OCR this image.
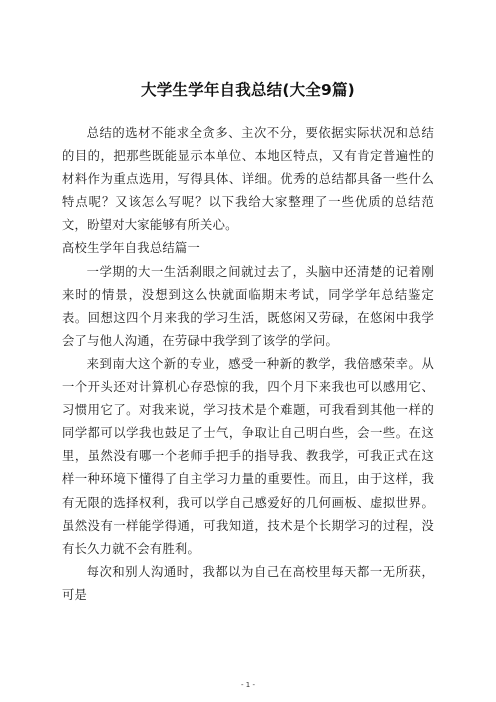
大学生学年自我总结(大全9篇)

总结的选材不能求全贪多、主次不分，要依据实际状况和总结的目的，把那些既能显示本单位、本地区特点，又有肯定普遍性的材料作为重点选用，写得具体、详细。优秀的总结都具备一些什么特点呢？又该怎么写呢？以下我给大家整理了一些优质的总结范文，盼望对大家能够有所关心。

高校生学年自我总结篇一

一学期的大一生活刹眼之间就过去了，头脑中还清楚的记着刚来时的情景，没想到这么快就面临期末考试，同学学年总结鉴定表。回想这四个月来我的学习生活，既悠闲又劳碌，在悠闲中我学会了与他人沟通，在劳碌中我学到了该学的学问。

来到南大这个新的专业，感受一种新的教学，我倍感荣幸。从一个开头还对计算机心存恐惊的我，四个月下来我也可以感用它、习惯用它了。对我来说，学习技术是个难题，可我看到其他一样的同学都可以学我也鼓足了士气，争取让自己明白些，会一些。在这里，虽然没有哪一个老师手把手的指导我、教我学，可我正式在这样一种环境下懂得了自主学习力量的重要性。而且，由于这样，我有无限的选择权利，我可以学自己感爱好的几何画板、虚拟世界。虽然没有一样能学得通，可我知道，技术是个长期学习的过程，没有长久力就不会有胜利。

每次和别人沟通时，我都以为自己在高校里每天都一无所获，可是

- 1 -
